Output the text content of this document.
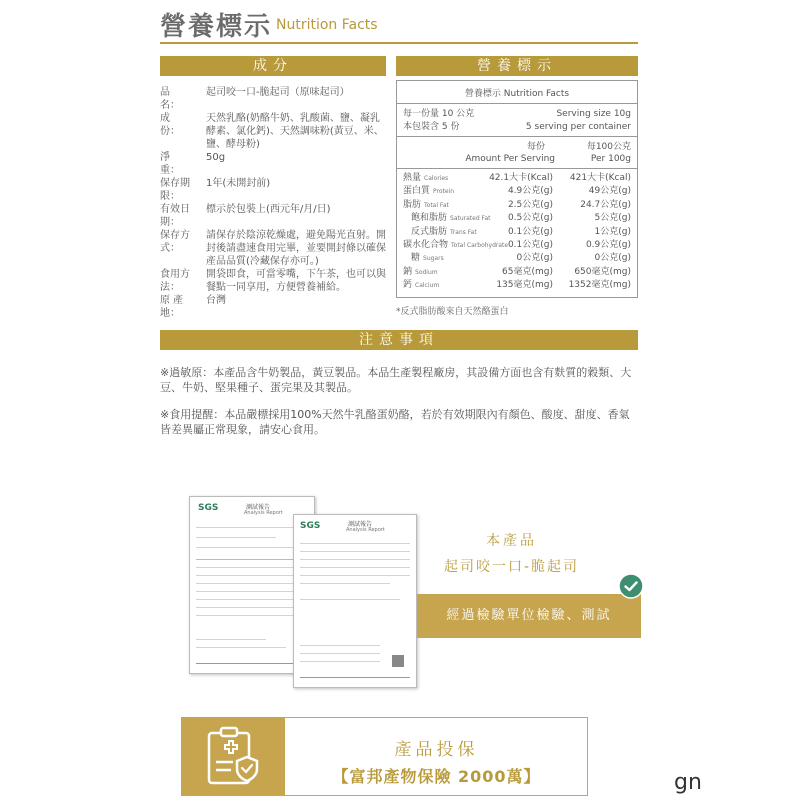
營養標示 Nutrition Facts
成分
品　　名：
起司咬一口-脆起司（原味起司）
成　　份：
天然乳酪(奶酪牛奶、乳酸菌、鹽、凝乳酵素、氯化鈣)、天然調味粉(黃豆、米、鹽、酵母粉)
淨　　重：
50g
保存期限：
1年(未開封前)
有效日期：
標示於包裝上(西元年/月/日)
保存方式：
請保存於陰涼乾燥處，避免陽光直射。開封後請盡速食用完畢，並要開封條以確保產品品質(冷藏保存亦可。)
食用方法：
開袋即食，可當零嘴，下午茶，也可以與餐點一同享用，方便營養補給。
原 產 地：
台灣
營養標示
營養標示 Nutrition Facts
每一份量 10 公克	Serving size 10g
本包裝含 5 份	5 serving per container
每份	每100公克
Amount Per Serving	Per 100g
熱量 Calories	42.1大卡(Kcal) 421大卡(Kcal)
蛋白質 Protein	4.9公克(g)	49公克(g)
脂肪 Total Fat	2.5公克(g)	24.7公克(g)
飽和脂肪 Saturated Fat 0.5公克(g)	5公克(g)
反式脂肪 Trans Fat	0.1公克(g)	1公克(g)
碳水化合物 Total Carbohydrate 0.1公克(g)	0.9公克(g)
糖 Sugars	0公克(g)	0公克(g)
鈉 Sodium	65毫克(mg) 650毫克(mg)
鈣 Calcium	135毫克(mg) 1352毫克(mg)
*反式脂肪酸來自天然酪蛋白
注意事項
※過敏原：本產品含牛奶製品，黃豆製品。本品生產製程廠房，其設備方面也含有麩質的穀類、大豆、牛奶、堅果種子、蛋完果及其製品。
※食用提醒：本品嚴標採用100%天然牛乳酪蛋奶酪，若於有效期限內有顏色、酸度、甜度、香氣皆差異屬正常現象，請安心食用。
SGS	測試報告
Analysis Report
SGS	測試報告
Analysis Report
本產品
起司咬一口-脆起司
經過檢驗單位檢驗、測試
產品投保
【富邦產物保險 2000萬】	gn
